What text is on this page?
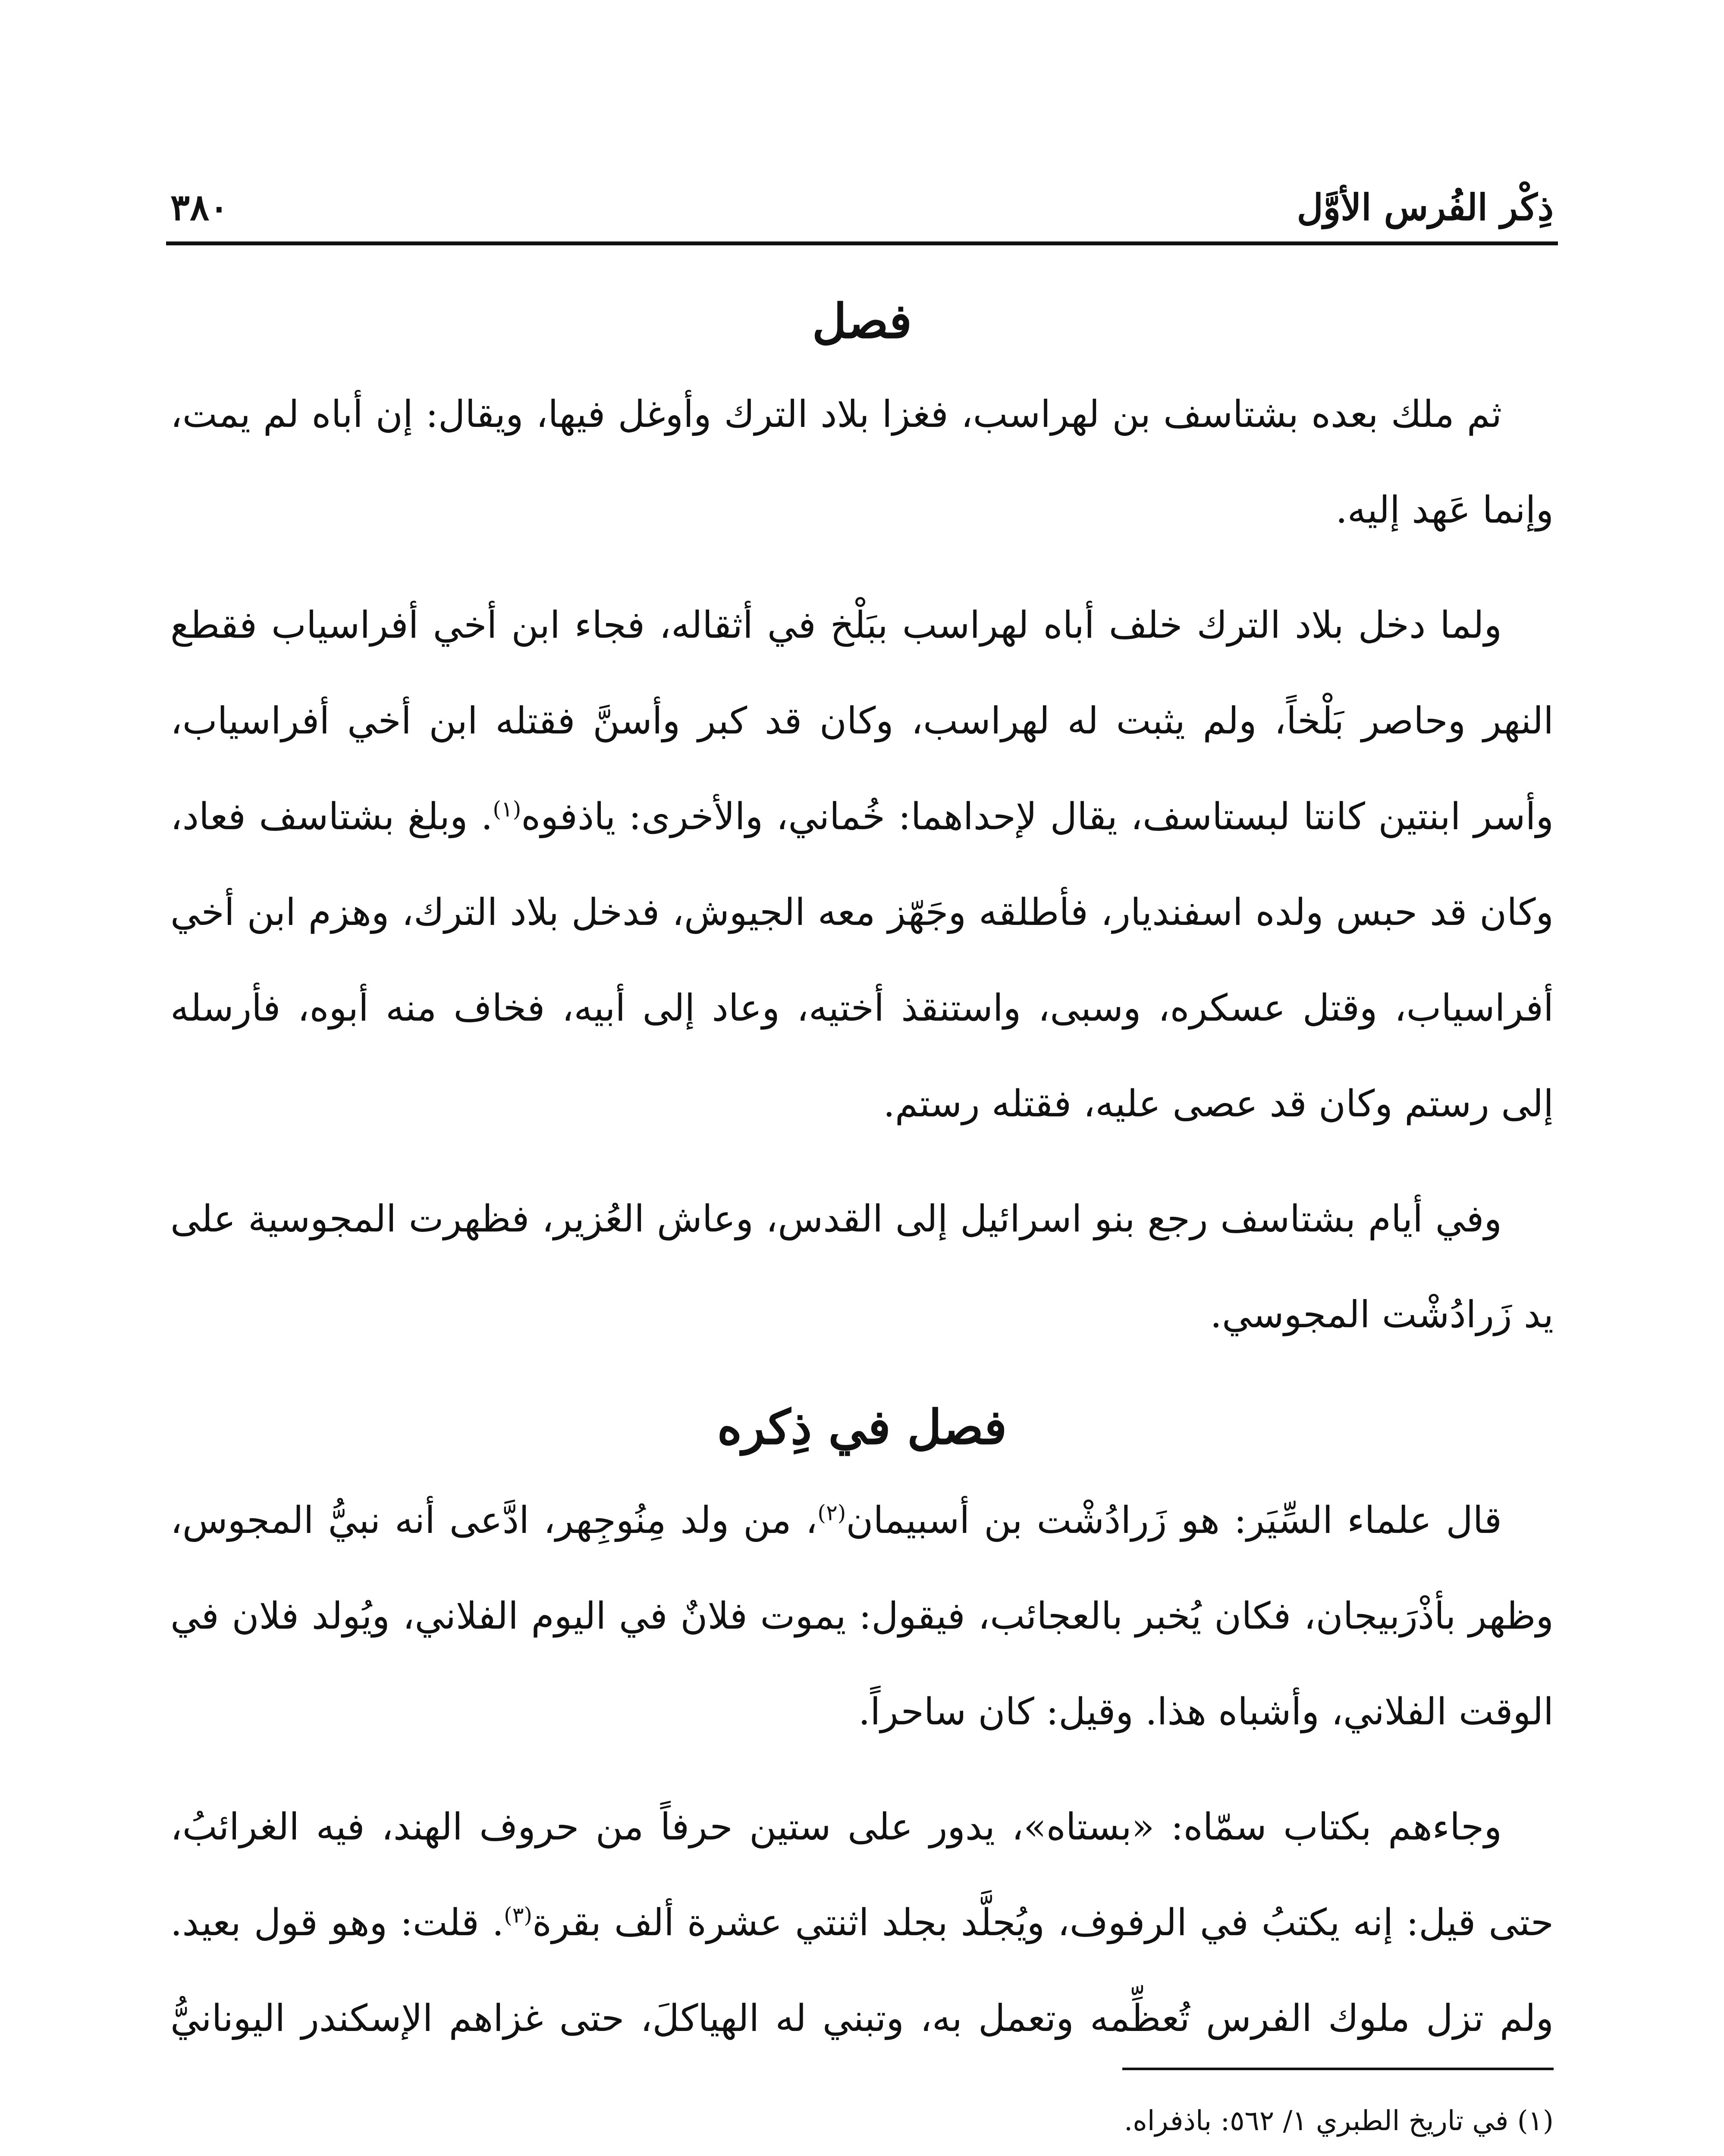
ذِكْر الفُرس الأوَّل
٣٨٠

فصل

ثم ملك بعده بشتاسف بن لهراسب، فغزا بلاد الترك وأوغل فيها، ويقال: إن أباه لم يمت، وإنما عَهد إليه.

ولما دخل بلاد الترك خلف أباه لهراسب ببَلْخ في أثقاله، فجاء ابن أخي أفراسياب فقطع النهر وحاصر بَلْخاً، ولم يثبت له لهراسب، وكان قد كبر وأسنَّ فقتله ابن أخي أفراسياب، وأسر ابنتين كانتا لبستاسف، يقال لإحداهما: خُماني، والأخرى: ياذفوه$^{(١)}$. وبلغ بشتاسف فعاد، وكان قد حبس ولده اسفنديار، فأطلقه وجَهّز معه الجيوش، فدخل بلاد الترك، وهزم ابن أخي أفراسياب، وقتل عسكره، وسبى، واستنقذ أختيه، وعاد إلى أبيه، فخاف منه أبوه، فأرسله إلى رستم وكان قد عصى عليه، فقتله رستم.

وفي أيام بشتاسف رجع بنو اسرائيل إلى القدس، وعاش العُزير، فظهرت المجوسية على يد زَرادُشْت المجوسي.

فصل في ذِكره

قال علماء السِّيَر: هو زَرادُشْت بن أسبيمان$^{(٢)}$، من ولد مِنُوجِهر، ادَّعى أنه نبيُّ المجوس، وظهر بأذْرَبيجان، فكان يُخبر بالعجائب، فيقول: يموت فلانٌ في اليوم الفلاني، ويُولد فلان في الوقت الفلاني، وأشباه هذا. وقيل: كان ساحراً.

وجاءهم بكتاب سمّاه: «بستاه»، يدور على ستين حرفاً من حروف الهند، فيه الغرائبُ، حتى قيل: إنه يكتبُ في الرفوف، ويُجلَّد بجلد اثنتي عشرة ألف بقرة$^{(٣)}$. قلت: وهو قول بعيد. ولم تزل ملوك الفرس تُعظِّمه وتعمل به، وتبني له الهياكلَ، حتى غزاهم الإسكندر اليونانيُّ

(١) في تاريخ الطبري ١/ ٥٦٢: باذفراه.
